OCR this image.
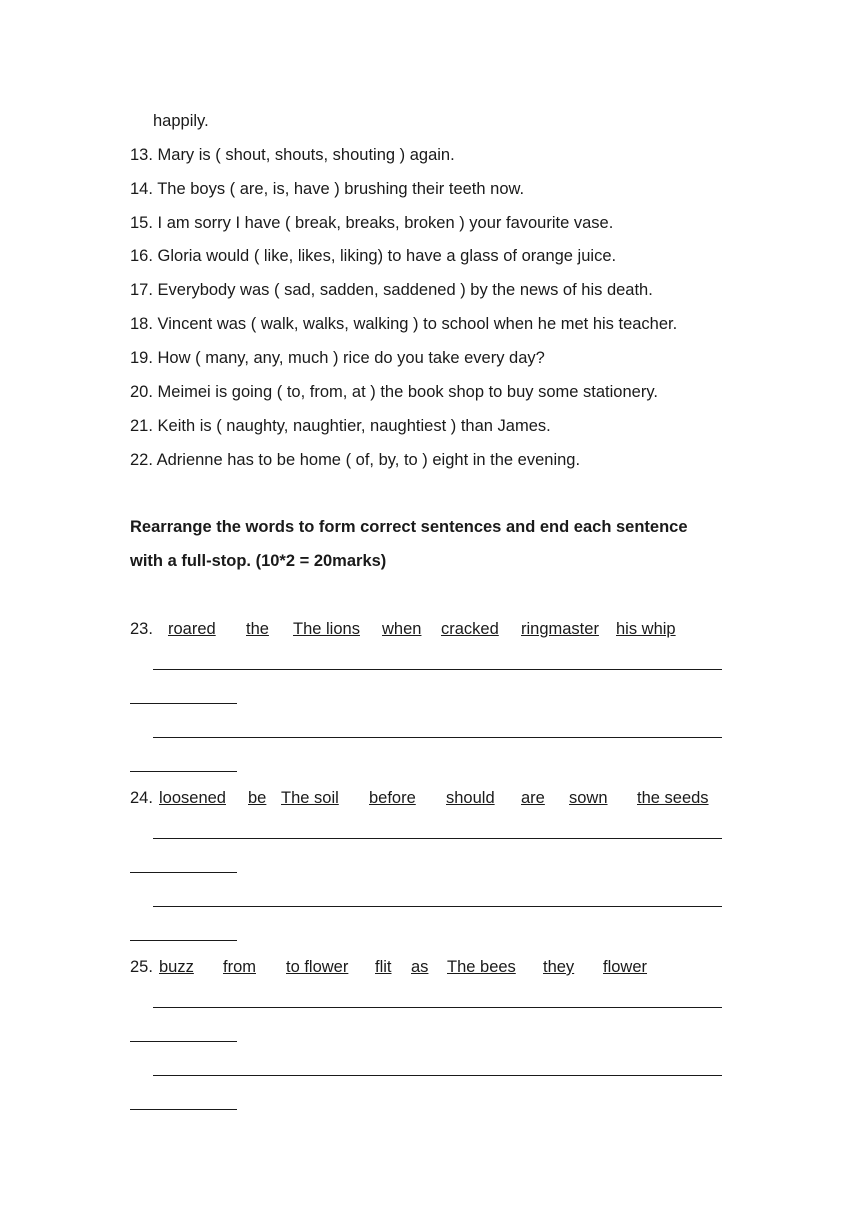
happily.
13. Mary is ( shout, shouts, shouting ) again.
14. The boys ( are, is, have ) brushing their teeth now.
15. I am sorry I have ( break, breaks, broken ) your favourite vase.
16. Gloria would ( like, likes, liking) to have a glass of orange juice.
17. Everybody was ( sad, sadden, saddened ) by the news of his death.
18. Vincent was ( walk, walks, walking ) to school when he met his teacher.
19. How ( many, any, much ) rice do you take every day?
20. Meimei is going ( to, from, at ) the book shop to buy some stationery.
21. Keith is ( naughty, naughtier, naughtiest ) than James.
22. Adrienne has to be home ( of, by, to ) eight in the evening.
Rearrange the words to form correct sentences and end each sentence
with a full-stop. (10*2 = 20marks)
23. roared the The lions when cracked ringmaster his whip
24. loosened be The soil before should are sown the seeds
25. buzz from to flower flit as The bees they flower
